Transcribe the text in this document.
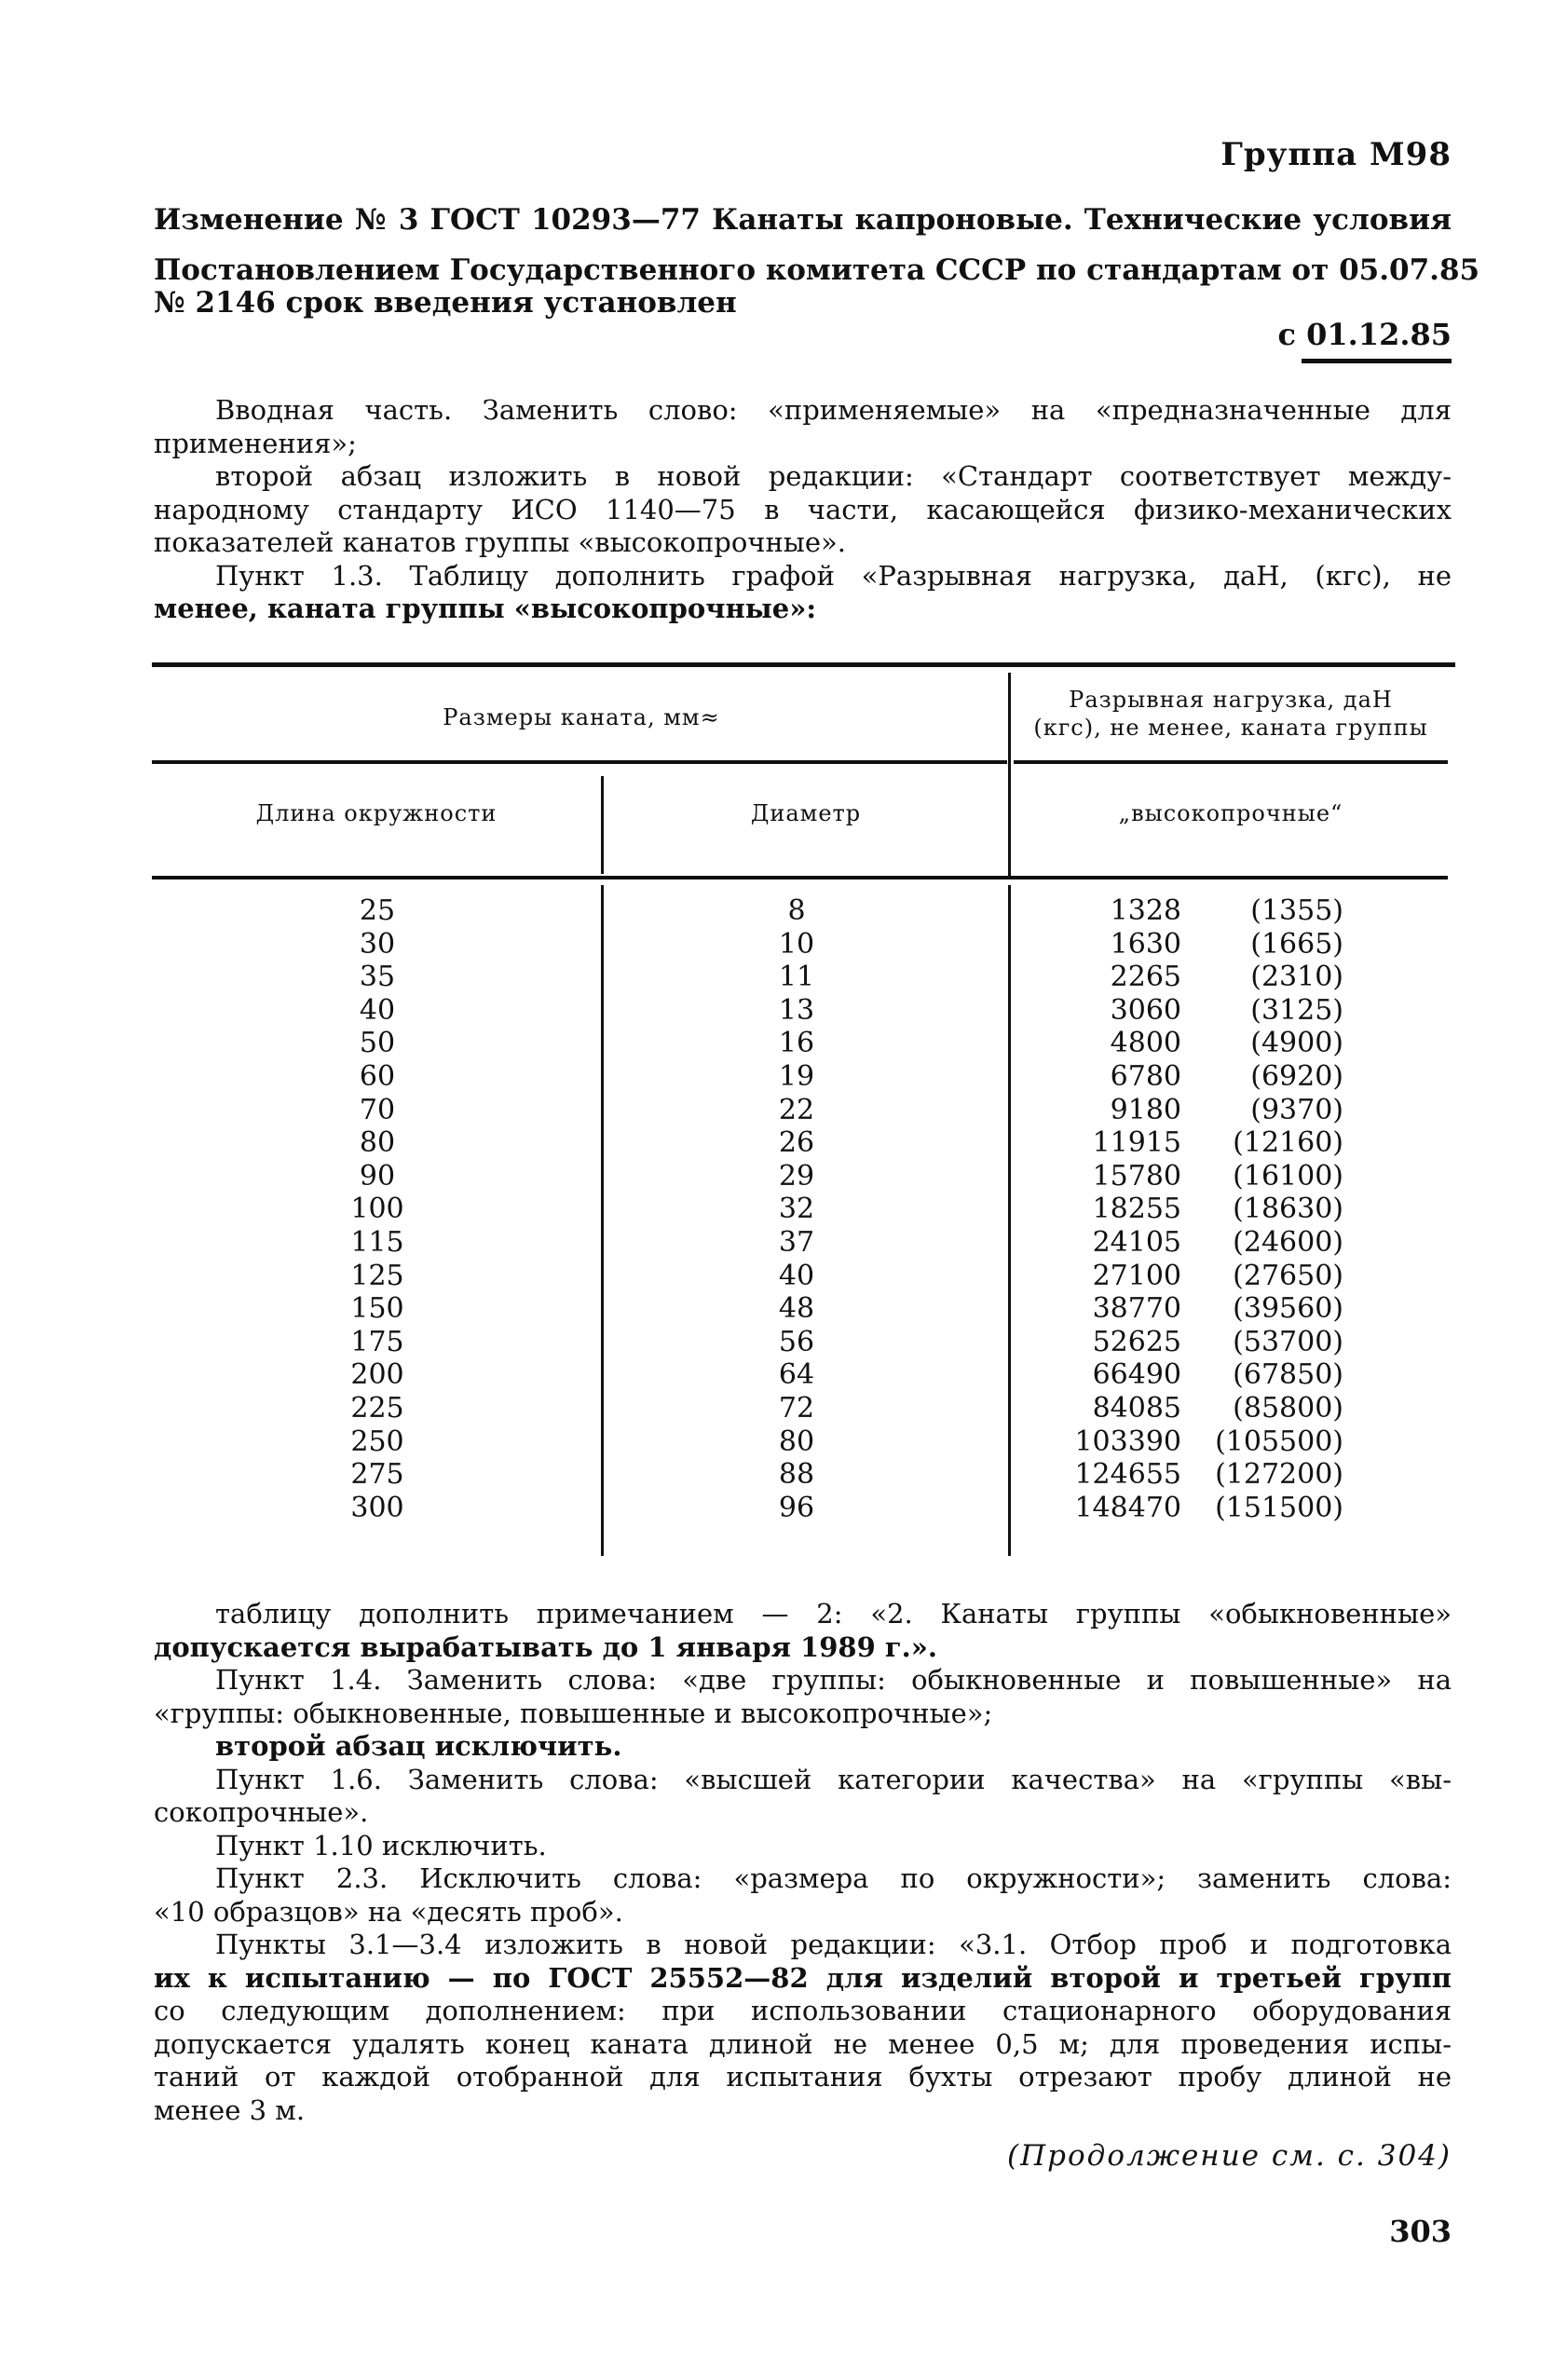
Группа М98
Изменение № 3 ГОСТ 10293—77 Канаты капроновые. Технические условия
Постановлением Государственного комитета СССР по стандартам от 05.07.85
№ 2146 срок введения установлен
с 01.12.85
Вводная часть. Заменить слово: «применяемые» на «предназначенные для
применения»;
второй абзац изложить в новой редакции: «Стандарт соответствует между-
народному стандарту ИСО 1140—75 в части, касающейся физико-механических
показателей канатов группы «высокопрочные».
Пункт 1.3. Таблицу дополнить графой «Разрывная нагрузка, даН, (кгс), не
менее, каната группы «высокопрочные»:
Размеры каната, мм≈
Разрывная нагрузка, даН
(кгс), не менее, каната группы
Длина окружности	Диаметр	„высокопрочные“
25	8	1328	(1355)
30	10	1630	(1665)
35	11	2265	(2310)
40	13	3060	(3125)
50	16	4800	(4900)
60	19	6780	(6920)
70	22	9180	(9370)
80	26	11915	(12160)
90	29	15780	(16100)
100	32	18255	(18630)
115	37	24105	(24600)
125	40	27100	(27650)
150	48	38770	(39560)
175	56	52625	(53700)
200	64	66490	(67850)
225	72	84085	(85800)
250	80	103390 (105500)
275	88	124655 (127200)
300	96	148470 (151500)
таблицу дополнить примечанием — 2: «2. Канаты группы «обыкновенные»
допускается вырабатывать до 1 января 1989 г.».
Пункт 1.4. Заменить слова: «две группы: обыкновенные и повышенные» на
«группы: обыкновенные, повышенные и высокопрочные»;
второй абзац исключить.
Пункт 1.6. Заменить слова: «высшей категории качества» на «группы «вы-
сокопрочные».
Пункт 1.10 исключить.
Пункт 2.3. Исключить слова: «размера по окружности»; заменить слова:
«10 образцов» на «десять проб».
Пункты 3.1—3.4 изложить в новой редакции: «3.1. Отбор проб и подготовка
их к испытанию — по ГОСТ 25552—82 для изделий второй и третьей групп
со следующим дополнением: при использовании стационарного оборудования
допускается удалять конец каната длиной не менее 0,5 м; для проведения испы-
таний от каждой отобранной для испытания бухты отрезают пробу длиной не
менее 3 м.
(Продолжение см. с. 304)
303
